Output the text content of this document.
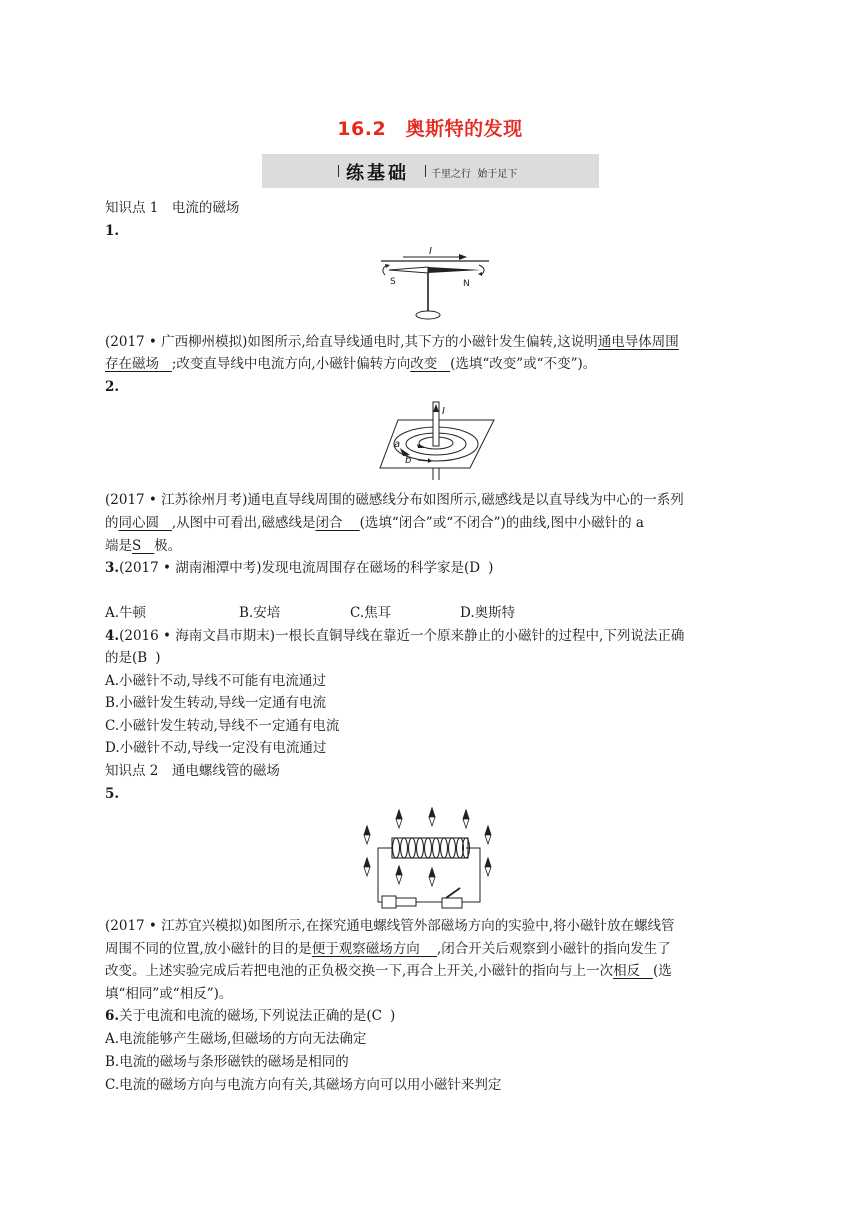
16.2　奥斯特的发现
练基础 千里之行  始于足下
知识点 1　电流的磁场
1.
I
S	N
(2017 • 广西柳州模拟)如图所示,给直导线通电时,其下方的小磁针发生偏转,这说明通电导体周围
存在磁场 ;改变直导线中电流方向,小磁针偏转方向改变 (选填“改变”或“不变”)。
2.
I
a
b
(2017 • 江苏徐州月考)通电直导线周围的磁感线分布如图所示,磁感线是以直导线为中心的一系列
的同心圆 ,从图中可看出,磁感线是闭合 (选填“闭合”或“不闭合”)的曲线,图中小磁针的 a
端是S 极。
3.(2017 • 湖南湘潭中考)发现电流周围存在磁场的科学家是(D )
A.牛顿	B.安培	C.焦耳	D.奥斯特
4.(2016 • 海南文昌市期末)一根长直铜导线在靠近一个原来静止的小磁针的过程中,下列说法正确
的是(B )
A.小磁针不动,导线不可能有电流通过
B.小磁针发生转动,导线一定通有电流
C.小磁针发生转动,导线不一定通有电流
D.小磁针不动,导线一定没有电流通过
知识点 2　通电螺线管的磁场
5.
(2017 • 江苏宜兴模拟)如图所示,在探究通电螺线管外部磁场方向的实验中,将小磁针放在螺线管
周围不同的位置,放小磁针的目的是便于观察磁场方向 ,闭合开关后观察到小磁针的指向发生了
改变。上述实验完成后若把电池的正负极交换一下,再合上开关,小磁针的指向与上一次相反 (选
填“相同”或“相反”)。
6.关于电流和电流的磁场,下列说法正确的是(C )
A.电流能够产生磁场,但磁场的方向无法确定
B.电流的磁场与条形磁铁的磁场是相同的
C.电流的磁场方向与电流方向有关,其磁场方向可以用小磁针来判定
